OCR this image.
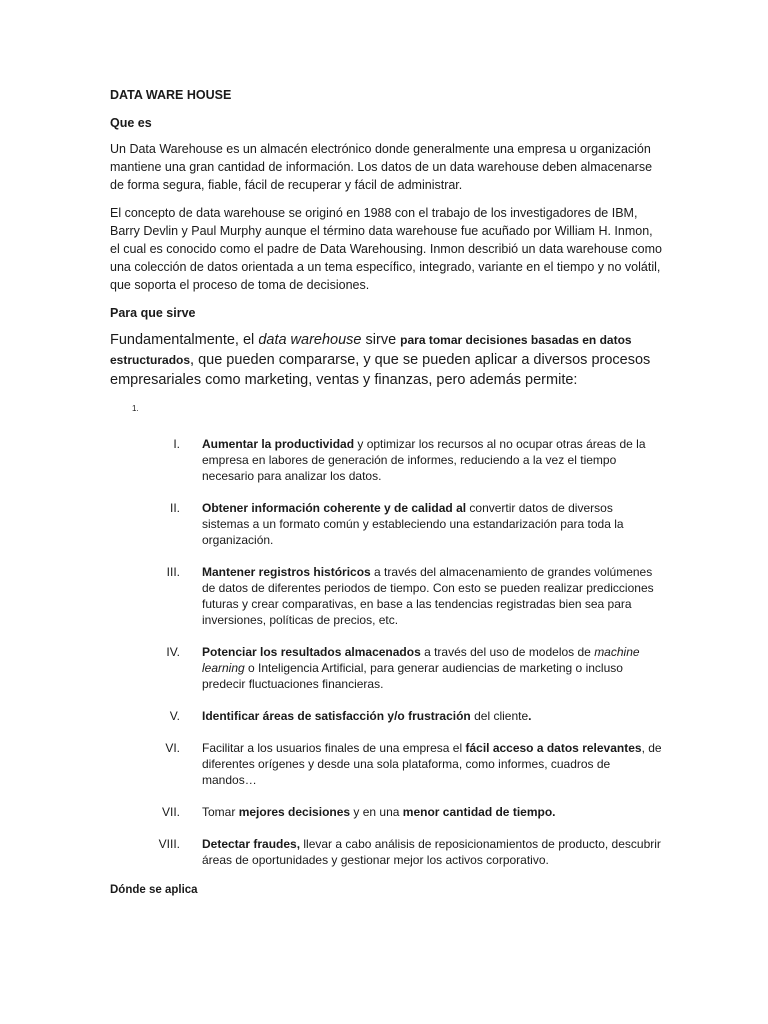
DATA WARE HOUSE
Que es

Un Data Warehouse es un almacén electrónico donde generalmente una empresa u organización mantiene una gran cantidad de información. Los datos de un data warehouse deben almacenarse de forma segura, fiable, fácil de recuperar y fácil de administrar.

El concepto de data warehouse se originó en 1988 con el trabajo de los investigadores de IBM, Barry Devlin y Paul Murphy aunque el término data warehouse fue acuñado por William H. Inmon, el cual es conocido como el padre de Data Warehousing. Inmon describió un data warehouse como una colección de datos orientada a un tema específico, integrado, variante en el tiempo y no volátil, que soporta el proceso de toma de decisiones.

Para que sirve

Fundamentalmente, el data warehouse sirve para tomar decisiones basadas en datos estructurados, que pueden compararse, y que se pueden aplicar a diversos procesos empresariales como marketing, ventas y finanzas, pero además permite:

1.
I. Aumentar la productividad y optimizar los recursos al no ocupar otras áreas de la empresa en labores de generación de informes, reduciendo a la vez el tiempo necesario para analizar los datos.
II. Obtener información coherente y de calidad al convertir datos de diversos sistemas a un formato común y estableciendo una estandarización para toda la organización.
III. Mantener registros históricos a través del almacenamiento de grandes volúmenes de datos de diferentes periodos de tiempo. Con esto se pueden realizar predicciones futuras y crear comparativas, en base a las tendencias registradas bien sea para inversiones, políticas de precios, etc.
IV. Potenciar los resultados almacenados a través del uso de modelos de machine learning o Inteligencia Artificial, para generar audiencias de marketing o incluso predecir fluctuaciones financieras.
V. Identificar áreas de satisfacción y/o frustración del cliente.
VI. Facilitar a los usuarios finales de una empresa el fácil acceso a datos relevantes, de diferentes orígenes y desde una sola plataforma, como informes, cuadros de mandos…
VII. Tomar mejores decisiones y en una menor cantidad de tiempo.
VIII. Detectar fraudes, llevar a cabo análisis de reposicionamientos de producto, descubrir áreas de oportunidades y gestionar mejor los activos corporativo.
Dónde se aplica
